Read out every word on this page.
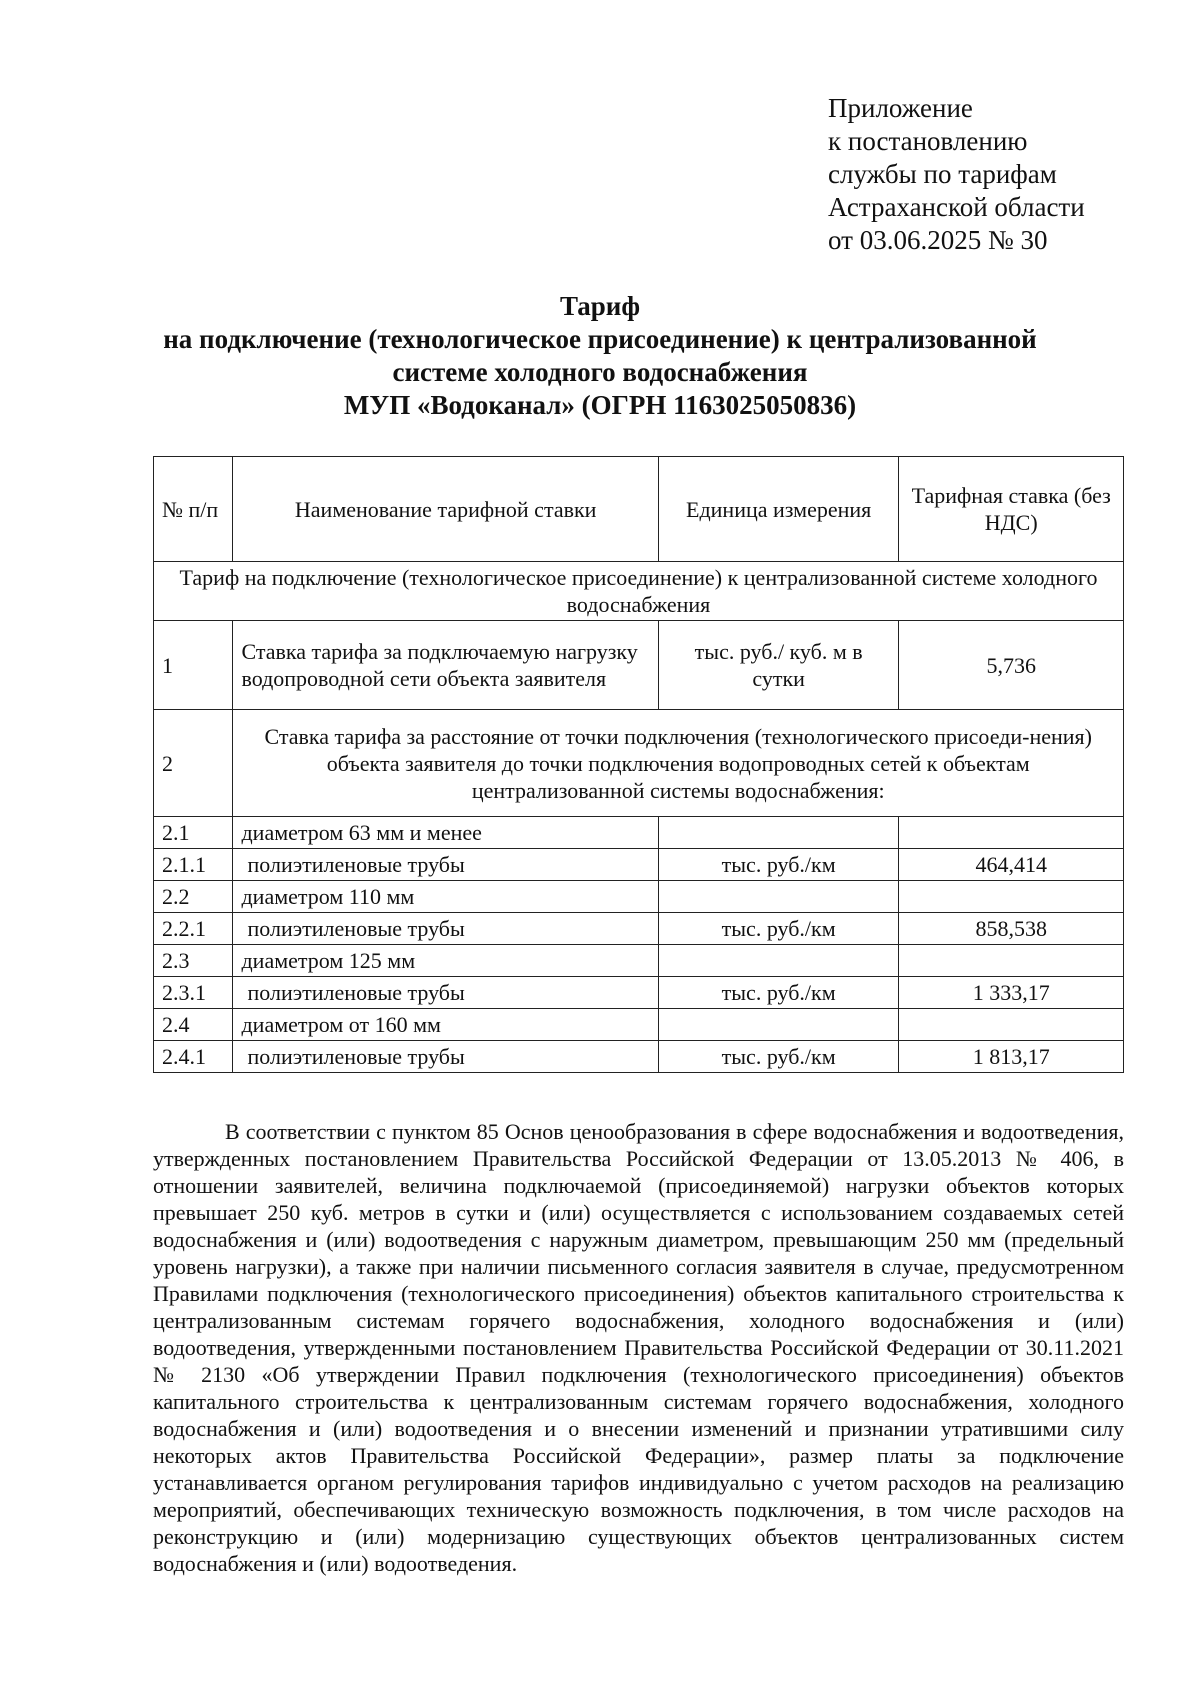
Приложение
к постановлению
службы по тарифам
Астраханской области
от 03.06.2025 № 30
Тариф
на подключение (технологическое присоединение) к централизованной
системе холодного водоснабжения
МУП «Водоканал» (ОГРН 1163025050836)
№ п/п	Наименование тарифной ставки	Единица измерения	Тарифная ставка (без НДС)
Тариф на подключение (технологическое присоединение) к централизованной системе холодного водоснабжения			
1	Ставка тарифа за подключаемую нагрузку водопроводной сети объекта заявителя	тыс. руб./ куб. м в сутки	5,736
2	Ставка тарифа за расстояние от точки подключения (технологического присоеди-нения) объекта заявителя до точки подключения водопроводных сетей к объектам централизованной системы водоснабжения:		
2.1	диаметром 63 мм и менее		
2.1.1	полиэтиленовые трубы	тыс. руб./км	464,414
2.2	диаметром 110 мм		
2.2.1	полиэтиленовые трубы	тыс. руб./км	858,538
2.3	диаметром 125 мм		
2.3.1	полиэтиленовые трубы	тыс. руб./км	1 333,17
2.4	диаметром от 160 мм		
2.4.1	полиэтиленовые трубы	тыс. руб./км	1 813,17
В соответствии с пунктом 85 Основ ценообразования в сфере водоснабжения и водоотведения, утвержденных постановлением Правительства Российской Федерации от 13.05.2013 № 406, в отношении заявителей, величина подключаемой (присоединяемой) нагрузки объектов которых превышает 250 куб. метров в сутки и (или) осуществляется с использованием создаваемых сетей водоснабжения и (или) водоотведения с наружным диаметром, превышающим 250 мм (предельный уровень нагрузки), а также при наличии письменного согласия заявителя в случае, предусмотренном Правилами подключения (технологического присоединения) объектов капитального строительства к централизованным системам горячего водоснабжения, холодного водоснабжения и (или) водоотведения, утвержденными постановлением Правительства Российской Федерации от 30.11.2021 № 2130 «Об утверждении Правил подключения (технологического присоединения) объектов капитального строительства к централизованным системам горячего водоснабжения, холодного водоснабжения и (или) водоотведения и о внесении изменений и признании утратившими силу некоторых актов Правительства Российской Федерации», размер платы за подключение устанавливается органом регулирования тарифов индивидуально с учетом расходов на реализацию мероприятий, обеспечивающих техническую возможность подключения, в том числе расходов на реконструкцию и (или) модернизацию существующих объектов централизованных систем водоснабжения и (или) водоотведения.
